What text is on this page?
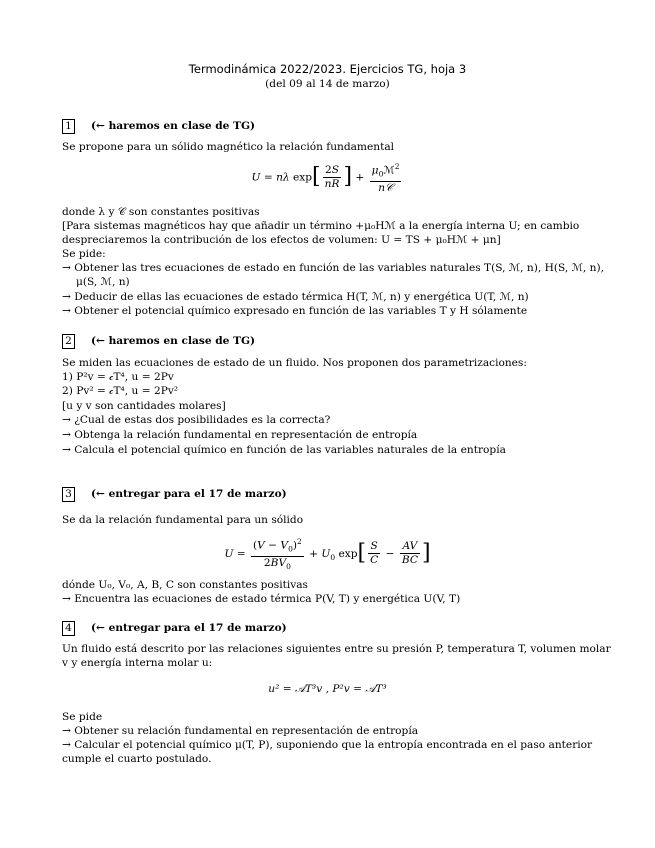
Termodinámica 2022/2023. Ejercicios TG, hoja 3
(del 09 al 14 de marzo)
1 (← haremos en clase de TG)
Se propone para un sólido magnético la relación fundamental
U = nλ $\exp[ \frac{2S}{nR}$ ] + $\frac{\mu_0ℳ^2}{\text{n𝒞}}$
donde λ y 𝒞 son constantes positivas
[Para sistemas magnéticos hay que añadir un término +μ₀Hℳ a la energía interna U; en cambio
despreciaremos la contribución de los efectos de volumen: U = TS + μ₀Hℳ + μn]
Se pide:
→ Obtener las tres ecuaciones de estado en función de las variables naturales T(S, ℳ, n), H(S, ℳ, n),
μ(S, ℳ, n)
→ Deducir de ellas las ecuaciones de estado térmica H(T, ℳ, n) y energética U(T, ℳ, n)
→ Obtener el potencial químico expresado en función de las variables T y H sólamente
2 (← haremos en clase de TG)
Se miden las ecuaciones de estado de un fluido. Nos proponen dos parametrizaciones:
1) P²v = 𝒸T⁴, u = 2Pv
2) Pv² = 𝒸T⁴, u = 2Pv²
[u y v son cantidades molares]
→ ¿Cual de estas dos posibilidades es la correcta?
→ Obtenga la relación fundamental en representación de entropía
→ Calcula el potencial químico en función de las variables naturales de la entropía
3 (← entregar para el 17 de marzo)
Se da la relación fundamental para un sólido
$U = \frac{(V - V_0)^2}{2BV_0} + U_0$ $\exp[ \frac{S}{C} - \frac{AV}{BC}$ ]
dónde U₀, V₀, A, B, C son constantes positivas
→ Encuentra las ecuaciones de estado térmica P(V, T) y energética U(V, T)
4 (← entregar para el 17 de marzo)
Un fluido está descrito por las relaciones siguientes entre su presión P, temperatura T, volumen molar
v y energía interna molar u:
u² = 𝒜T³v , P²v = 𝒜T³
Se pide
→ Obtener su relación fundamental en representación de entropía
→ Calcular el potencial químico μ(T, P), suponiendo que la entropía encontrada en el paso anterior
cumple el cuarto postulado.
